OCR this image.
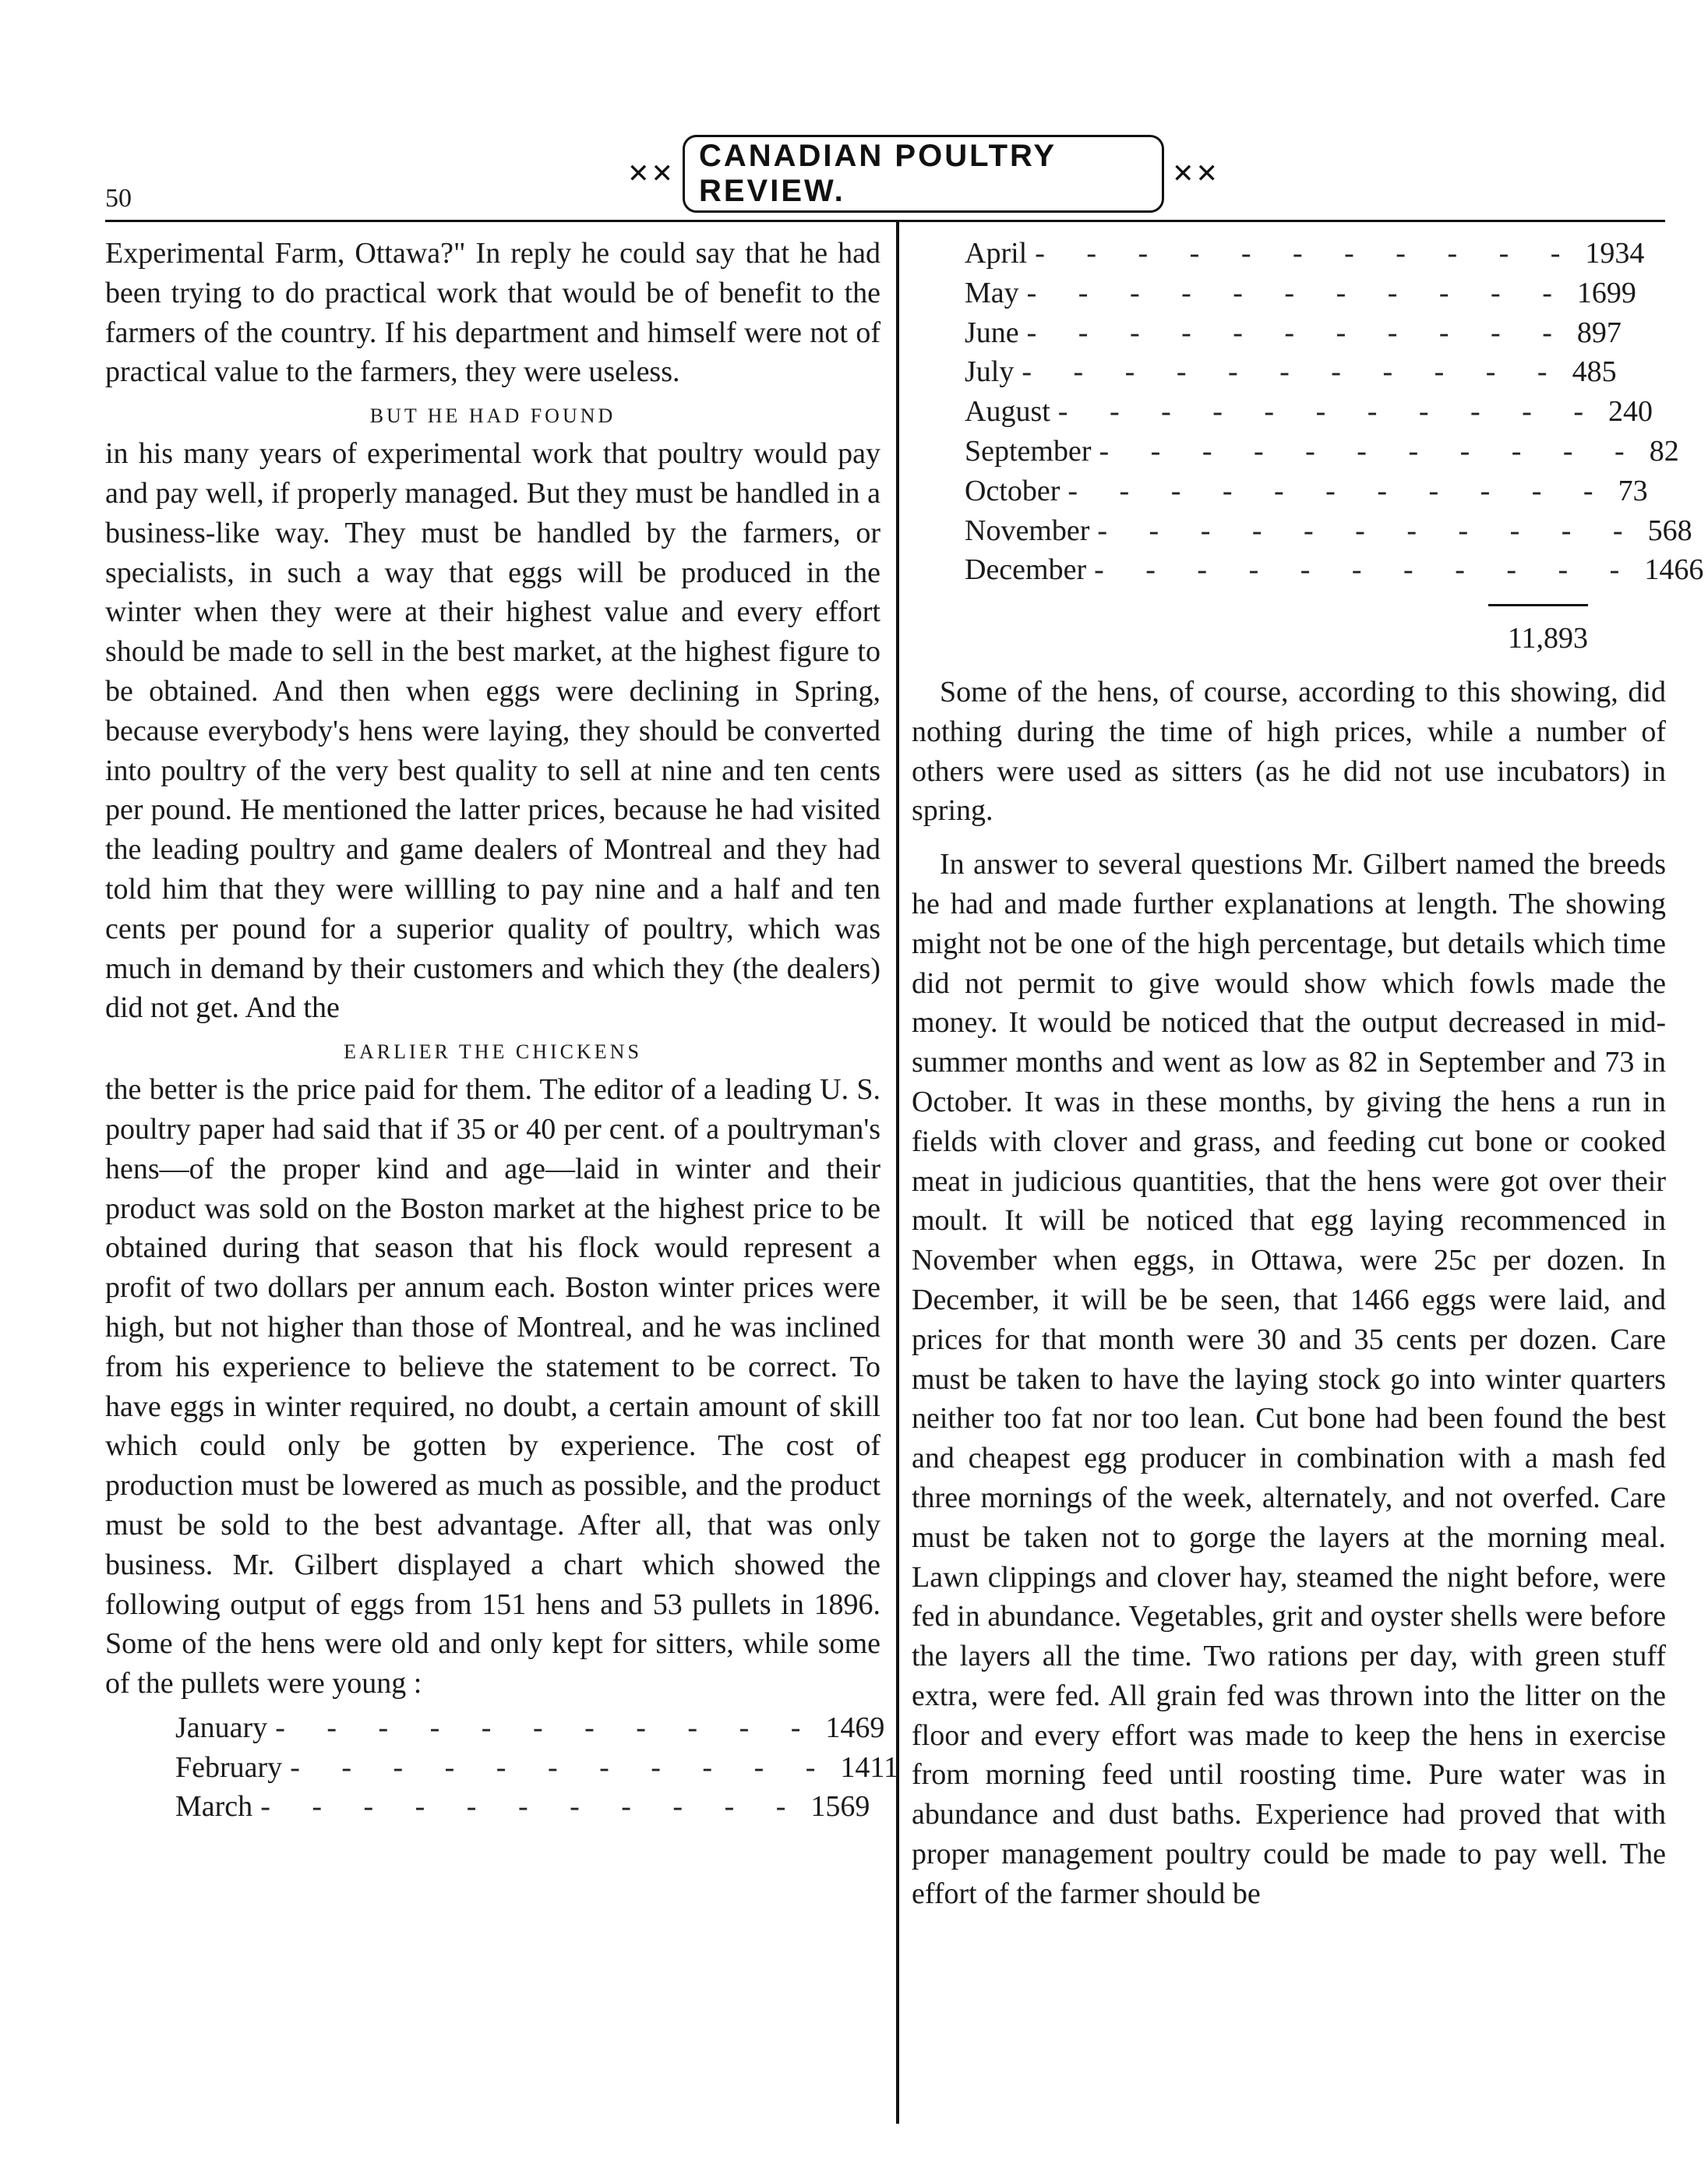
✕✕
CANADIAN POULTRY REVIEW.	✕✕
50

Experimental Farm, Ottawa?" In reply he could say that he had been trying to do practical work that would be of benefit to the farmers of the country. If his department and himself were not of practical value to the farmers, they were useless.

BUT HE HAD FOUND

in his many years of experimental work that poultry would pay and pay well, if properly managed. But they must be handled in a business-like way. They must be handled by the farmers, or specialists, in such a way that eggs will be produced in the winter when they were at their highest value and every effort should be made to sell in the best market, at the highest figure to be obtained. And then when eggs were declining in Spring, because everybody's hens were laying, they should be converted into poultry of the very best quality to sell at nine and ten cents per pound. He mentioned the latter prices, because he had visited the leading poultry and game dealers of Montreal and they had told him that they were willling to pay nine and a half and ten cents per pound for a superior quality of poultry, which was much in demand by their customers and which they (the dealers) did not get. And the

EARLIER THE CHICKENS

the better is the price paid for them. The editor of a leading U. S. poultry paper had said that if 35 or 40 per cent. of a poultryman's hens—of the proper kind and age—laid in winter and their product was sold on the Boston market at the highest price to be obtained during that season that his flock would represent a profit of two dollars per annum each. Boston winter prices were high, but not higher than those of Montreal, and he was inclined from his experience to believe the statement to be correct. To have eggs in winter required, no doubt, a certain amount of skill which could only be gotten by experience. The cost of production must be lowered as much as possible, and the product must be sold to the best advantage. After all, that was only business. Mr. Gilbert displayed a chart which showed the following output of eggs from 151 hens and 53 pullets in 1896. Some of the hens were old and only kept for sitters, while some of the pullets were young :

January - - - - - - - - - - - 1469
February - - - - - - - - - - - 1411
March - - - - - - - - - - - 1569
April - - - - - - - - - - - 1934
May - - - - - - - - - - - 1699
June - - - - - - - - - - - 897
July - - - - - - - - - - - 485
August - - - - - - - - - - - 240
September - - - - - - - - - - - 82
October - - - - - - - - - - - 73
November - - - - - - - - - - - 568
December - - - - - - - - - - - 1466
11,893

Some of the hens, of course, according to this showing, did nothing during the time of high prices, while a number of others were used as sitters (as he did not use incubators) in spring.

In answer to several questions Mr. Gilbert named the breeds he had and made further explanations at length. The showing might not be one of the high percentage, but details which time did not permit to give would show which fowls made the money. It would be noticed that the output decreased in mid-summer months and went as low as 82 in September and 73 in October. It was in these months, by giving the hens a run in fields with clover and grass, and feeding cut bone or cooked meat in judicious quantities, that the hens were got over their moult. It will be noticed that egg laying recommenced in November when eggs, in Ottawa, were 25c per dozen. In December, it will be be seen, that 1466 eggs were laid, and prices for that month were 30 and 35 cents per dozen. Care must be taken to have the laying stock go into winter quarters neither too fat nor too lean. Cut bone had been found the best and cheapest egg producer in combination with a mash fed three mornings of the week, alternately, and not overfed. Care must be taken not to gorge the layers at the morning meal. Lawn clippings and clover hay, steamed the night before, were fed in abundance. Vegetables, grit and oyster shells were before the layers all the time. Two rations per day, with green stuff extra, were fed. All grain fed was thrown into the litter on the floor and every effort was made to keep the hens in exercise from morning feed until roosting time. Pure water was in abundance and dust baths. Experience had proved that with proper management poultry could be made to pay well. The effort of the farmer should be
